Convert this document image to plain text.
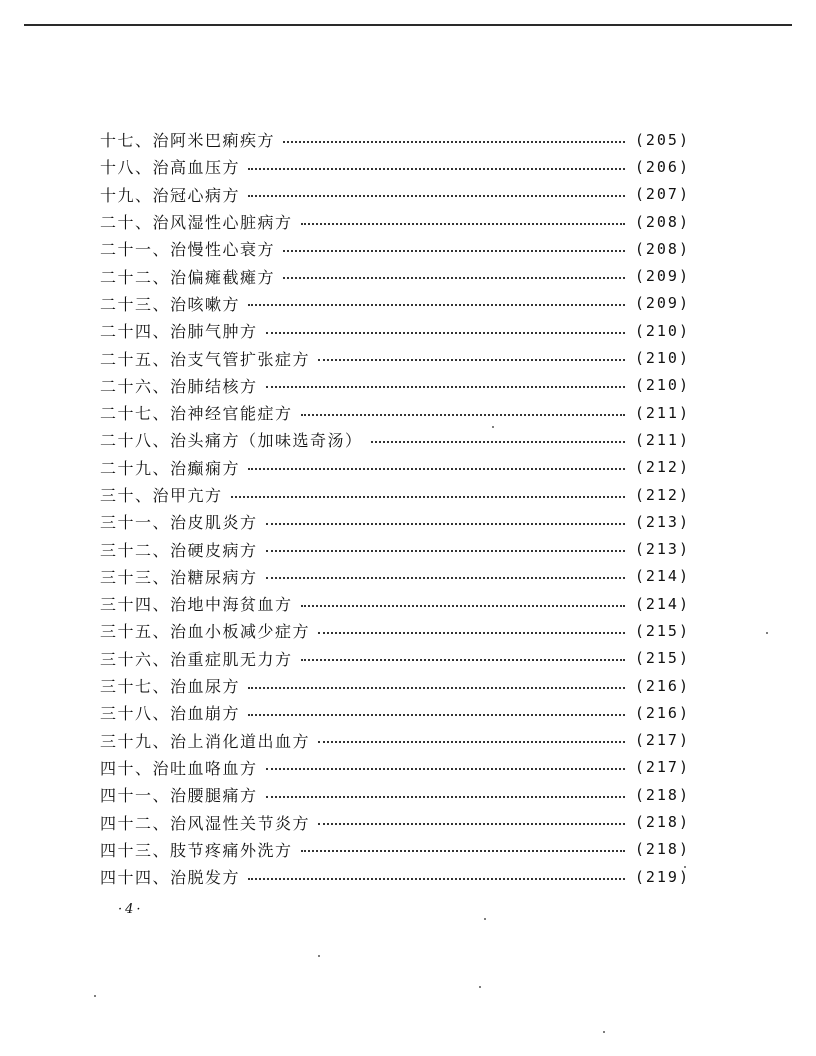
十七、治阿米巴痢疾方	(205)
十八、治高血压方	(206)
十九、治冠心病方	(207)
二十、治风湿性心脏病方	(208)
二十一、治慢性心衰方	(208)
二十二、治偏瘫截瘫方	(209)
二十三、治咳嗽方	(209)
二十四、治肺气肿方	(210)
二十五、治支气管扩张症方	(210)
二十六、治肺结核方	(210)
二十七、治神经官能症方	(211)
二十八、治头痛方（加味选奇汤）	(211)
二十九、治癫痫方	(212)
三十、治甲亢方	(212)
三十一、治皮肌炎方	(213)
三十二、治硬皮病方	(213)
三十三、治糖尿病方	(214)
三十四、治地中海贫血方	(214)
三十五、治血小板减少症方	(215)
三十六、治重症肌无力方	(215)
三十七、治血尿方	(216)
三十八、治血崩方	(216)
三十九、治上消化道出血方	(217)
四十、治吐血咯血方	(217)
四十一、治腰腿痛方	(218)
四十二、治风湿性关节炎方	(218)
四十三、肢节疼痛外洗方	(218)
四十四、治脱发方	(219)
·4·
